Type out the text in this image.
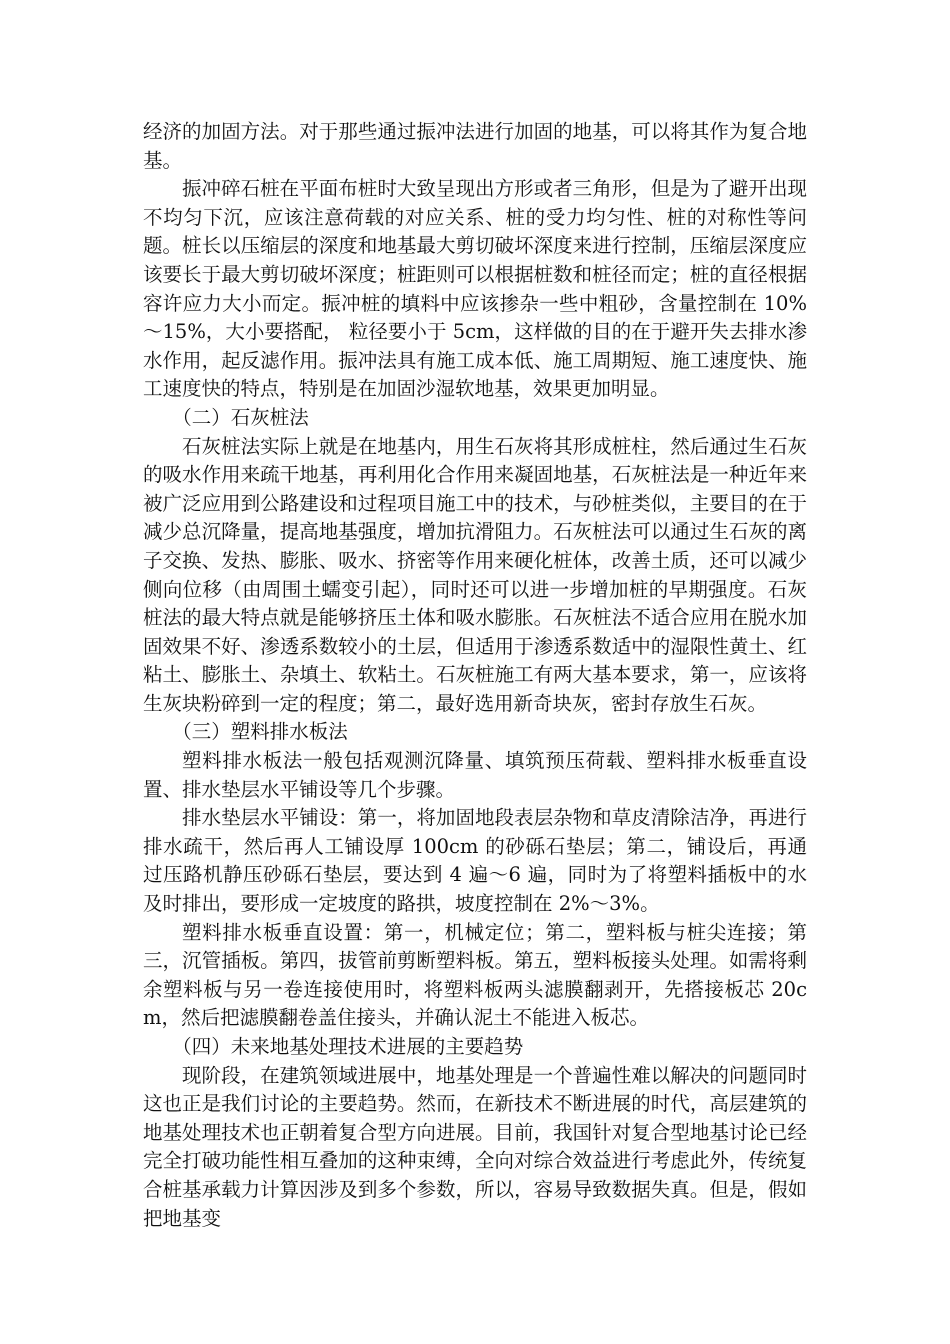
经济的加固方法。对于那些通过振冲法进行加固的地基，可以将其作为复合地基。

振冲碎石桩在平面布桩时大致呈现出方形或者三角形，但是为了避开出现不均匀下沉，应该注意荷载的对应关系、桩的受力均匀性、桩的对称性等问题。桩长以压缩层的深度和地基最大剪切破坏深度来进行控制，压缩层深度应该要长于最大剪切破坏深度；桩距则可以根据桩数和桩径而定；桩的直径根据容许应力大小而定。振冲桩的填料中应该掺杂一些中粗砂，含量控制在 10%～15%，大小要搭配， 粒径要小于 5cm，这样做的目的在于避开失去排水渗水作用，起反滤作用。振冲法具有施工成本低、施工周期短、施工速度快、施工速度快的特点，特别是在加固沙湿软地基，效果更加明显。

（二）石灰桩法

石灰桩法实际上就是在地基内，用生石灰将其形成桩柱，然后通过生石灰的吸水作用来疏干地基，再利用化合作用来凝固地基，石灰桩法是一种近年来被广泛应用到公路建设和过程项目施工中的技术，与砂桩类似，主要目的在于减少总沉降量，提高地基强度，增加抗滑阻力。石灰桩法可以通过生石灰的离子交换、发热、膨胀、吸水、挤密等作用来硬化桩体，改善土质，还可以减少侧向位移（由周围土蠕变引起），同时还可以进一步增加桩的早期强度。石灰桩法的最大特点就是能够挤压土体和吸水膨胀。石灰桩法不适合应用在脱水加固效果不好、渗透系数较小的土层，但适用于渗透系数适中的湿限性黄土、红粘土、膨胀土、杂填土、软粘土。石灰桩施工有两大基本要求，第一，应该将生灰块粉碎到一定的程度；第二，最好选用新奇块灰，密封存放生石灰。

（三）塑料排水板法

塑料排水板法一般包括观测沉降量、填筑预压荷载、塑料排水板垂直设置、排水垫层水平铺设等几个步骤。

排水垫层水平铺设：第一，将加固地段表层杂物和草皮清除洁净，再进行排水疏干，然后再人工铺设厚 100cm 的砂砾石垫层；第二，铺设后，再通过压路机静压砂砾石垫层，要达到 4 遍～6 遍，同时为了将塑料插板中的水及时排出，要形成一定坡度的路拱，坡度控制在 2%～3%。

塑料排水板垂直设置：第一，机械定位；第二，塑料板与桩尖连接；第三，沉管插板。第四，拔管前剪断塑料板。第五，塑料板接头处理。如需将剩余塑料板与另一卷连接使用时，将塑料板两头滤膜翻剥开，先搭接板芯 20cm，然后把滤膜翻卷盖住接头，并确认泥土不能进入板芯。

（四）未来地基处理技术进展的主要趋势

现阶段，在建筑领域进展中，地基处理是一个普遍性难以解决的问题同时这也正是我们讨论的主要趋势。然而，在新技术不断进展的时代，高层建筑的地基处理技术也正朝着复合型方向进展。目前，我国针对复合型地基讨论已经完全打破功能性相互叠加的这种束缚，全向对综合效益进行考虑此外，传统复合桩基承载力计算因涉及到多个参数，所以，容易导致数据失真。但是，假如把地基变
